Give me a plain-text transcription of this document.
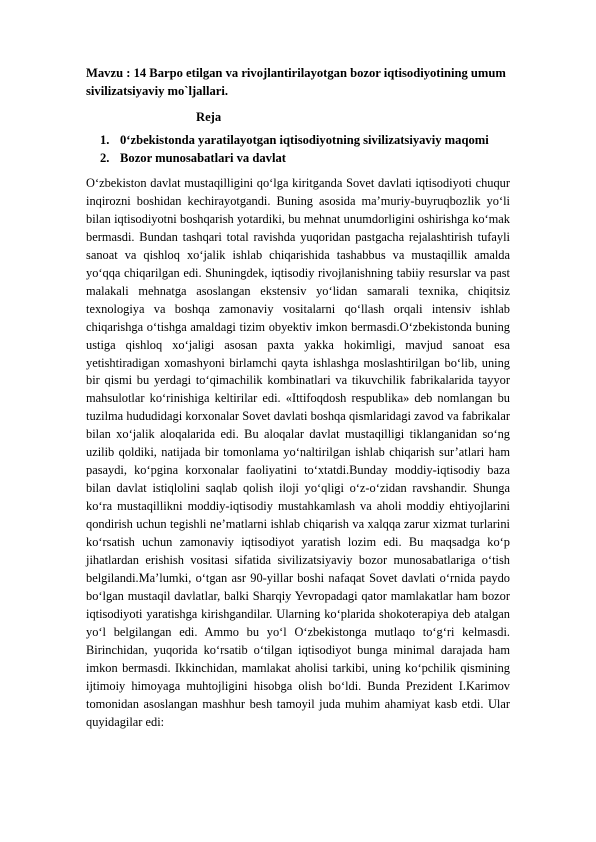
Mavzu : 14 Barpo etilgan va rivojlantirilayotgan bozor iqtisodiyotining umum sivilizatsiyaviy mo`ljallari.

Reja

1. 0‘zbekistonda yaratilayotgan iqtisodiyotning sivilizatsiyaviy maqomi
2. Bozor munosabatlari va davlat

O‘zbekiston davlat mustaqilligini qo‘lga kiritganda Sovet davlati iqtisodiyoti chuqur inqirozni boshidan kechirayotgandi. Buning asosida ma’muriy-buyruqbozlik yo‘li bilan iqtisodiyotni boshqarish yotardiki, bu mehnat unumdorligini oshirishga ko‘mak bermasdi. Bundan tashqari total ravishda yuqoridan pastgacha rejalashtirish tufayli sanoat va qishloq xo‘jalik ishlab chiqarishida tashabbus va mustaqillik amalda yo‘qqa chiqarilgan edi. Shuningdek, iqtisodiy rivojlanishning tabiiy resurslar va past malakali mehnatga asoslangan ekstensiv yo‘lidan samarali texnika, chiqitsiz texnologiya va boshqa zamonaviy vositalarni qo‘llash orqali intensiv ishlab chiqarishga o‘tishga amaldagi tizim obyektiv imkon bermasdi.O‘zbekistonda buning ustiga qishloq xo‘jaligi asosan paxta yakka hokimligi, mavjud sanoat esa yetishtiradigan xomashyoni birlamchi qayta ishlashga moslashtirilgan bo‘lib, uning bir qismi bu yerdagi to‘qimachilik kombinatlari va tikuvchilik fabrikalarida tayyor mahsulotlar ko‘rinishiga keltirilar edi. «Ittifoqdosh respublika» deb nomlangan bu tuzilma hududidagi korxonalar Sovet davlati boshqa qismlaridagi zavod va fabrikalar bilan xo‘jalik aloqalarida edi. Bu aloqalar davlat mustaqilligi tiklanganidan so‘ng uzilib qoldiki, natijada bir tomonlama yo‘naltirilgan ishlab chiqarish sur’atlari ham pasaydi, ko‘pgina korxonalar faoliyatini to‘xtatdi.Bunday moddiy-iqtisodiy baza bilan davlat istiqlolini saqlab qolish iloji yo‘qligi o‘z-o‘zidan ravshandir. Shunga ko‘ra mustaqillikni moddiy-iqtisodiy mustahkamlash va aholi moddiy ehtiyojlarini qondirish uchun tegishli ne’matlarni ishlab chiqarish va xalqqa zarur xizmat turlarini ko‘rsatish uchun zamonaviy iqtisodiyot yaratish lozim edi. Bu maqsadga ko‘p jihatlardan erishish vositasi sifatida sivilizatsiyaviy bozor munosabatlariga o‘tish belgilandi.Ma’lumki, o‘tgan asr 90-yillar boshi nafaqat Sovet davlati o‘rnida paydo bo‘lgan mustaqil davlatlar, balki Sharqiy Yevropadagi qator mamlakatlar ham bozor iqtisodiyoti yaratishga kirishgandilar. Ularning ko‘plarida shokoterapiya deb atalgan yo‘l belgilangan edi. Ammo bu yo‘l O‘zbekistonga mutlaqo to‘g‘ri kelmasdi. Birinchidan, yuqorida ko‘rsatib o‘tilgan iqtisodiyot bunga minimal darajada ham imkon bermasdi. Ikkinchidan, mamlakat aholisi tarkibi, uning ko‘pchilik qismining ijtimoiy himoyaga muhtojligini hisobga olish bo‘ldi. Bunda Prezident I.Karimov tomonidan asoslangan mashhur besh tamoyil juda muhim ahamiyat kasb etdi. Ular quyidagilar edi:
